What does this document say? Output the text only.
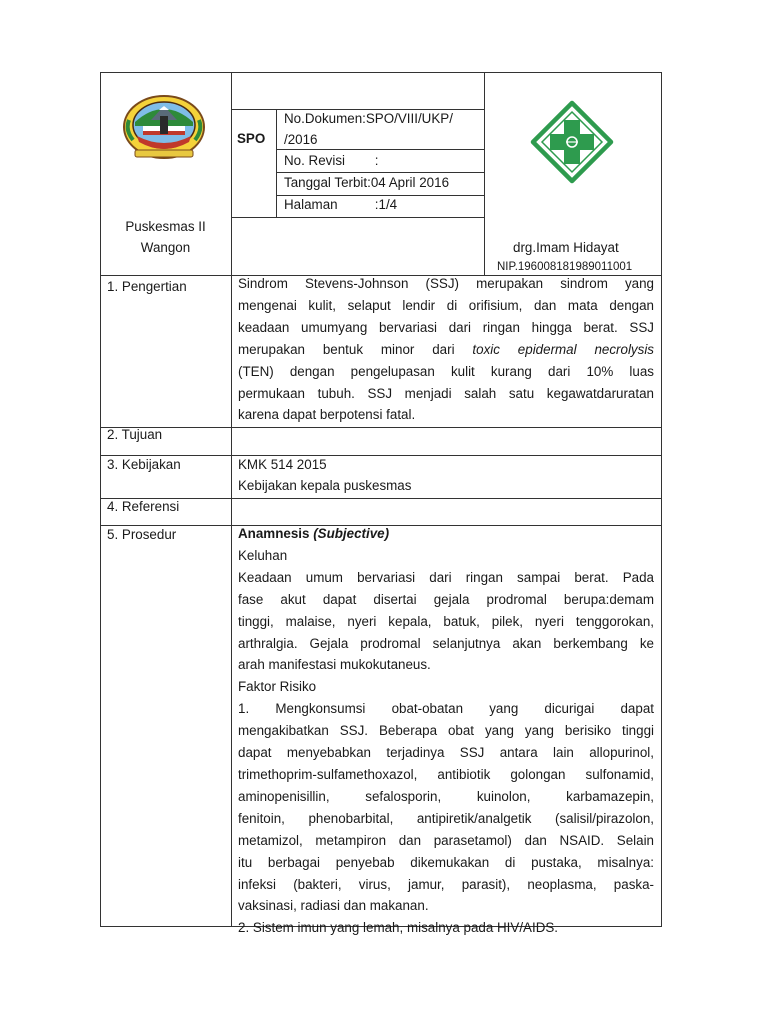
SPO
No.Dokumen:SPO/VIII/UKP/
/2016
No. Revisi        :
Tanggal Terbit:04 April 2016
Halaman          :1/4
Puskesmas II
Wangon	drg.Imam Hidayat
NIP.196008181989011001
1. Pengertian
2. Tujuan
3. Kebijakan
4. Referensi
5. Prosedur
Sindrom Stevens-Johnson (SSJ) merupakan sindrom yang
mengenai kulit, selaput lendir di orifisium, dan mata dengan
keadaan umumyang bervariasi dari ringan hingga berat. SSJ
merupakan bentuk minor dari toxic epidermal necrolysis
(TEN) dengan pengelupasan kulit kurang dari 10% luas
permukaan tubuh. SSJ menjadi salah satu kegawatdaruratan
karena dapat berpotensi fatal.
KMK 514 2015
Kebijakan kepala puskesmas
Anamnesis (Subjective)
Keluhan
Keadaan umum bervariasi dari ringan sampai berat. Pada
fase akut dapat disertai gejala prodromal berupa:demam
tinggi, malaise, nyeri kepala, batuk, pilek, nyeri tenggorokan,
arthralgia. Gejala prodromal selanjutnya akan berkembang ke
arah manifestasi mukokutaneus.
Faktor Risiko
1.    Mengkonsumsi    obat-obatan    yang    dicurigai    dapat
mengakibatkan SSJ. Beberapa obat yang yang berisiko tinggi
dapat menyebabkan terjadinya SSJ antara lain allopurinol,
trimethoprim-sulfamethoxazol, antibiotik golongan sulfonamid,
aminopenisillin,    sefalosporin,    kuinolon,    karbamazepin,
fenitoin, phenobarbital, antipiretik/analgetik (salisil/pirazolon,
metamizol, metampiron dan parasetamol) dan NSAID. Selain
itu berbagai penyebab dikemukakan di pustaka, misalnya:
infeksi (bakteri, virus, jamur, parasit), neoplasma, paska-
vaksinasi, radiasi dan makanan.
2. Sistem imun yang lemah, misalnya pada HIV/AIDS.
